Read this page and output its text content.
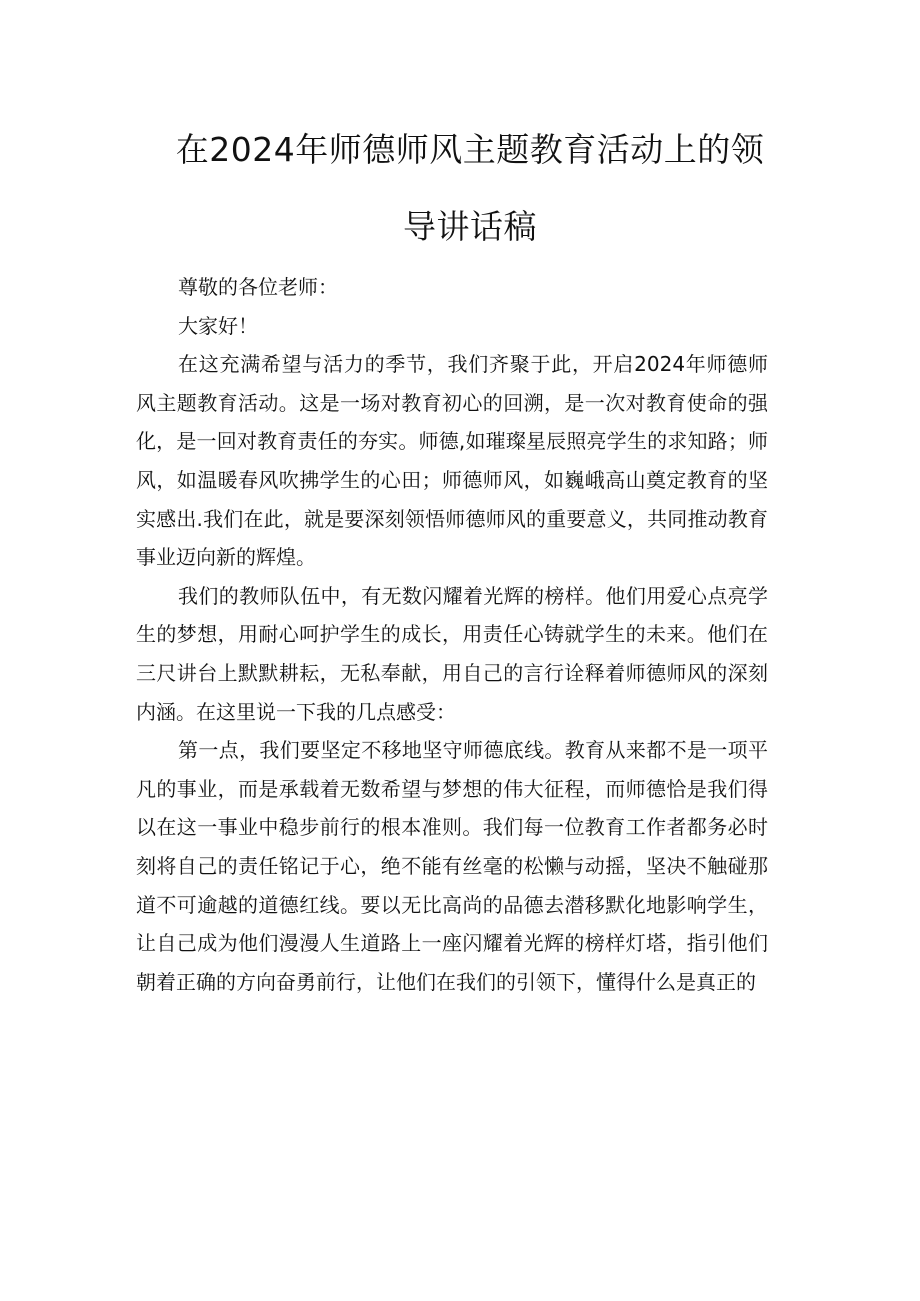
在2024年师德师风主题教育活动上的领
导讲话稿

尊敬的各位老师：

大家好！

在这充满希望与活力的季节，我们齐聚于此，开启2024年师德师风主题教育活动。这是一场对教育初心的回溯，是一次对教育使命的强化，是一回对教育责任的夯实。师德,如璀璨星辰照亮学生的求知路；师风，如温暖春风吹拂学生的心田；师德师风，如巍峨高山奠定教育的坚实感出.我们在此，就是要深刻领悟师德师风的重要意义，共同推动教育事业迈向新的辉煌。

我们的教师队伍中，有无数闪耀着光辉的榜样。他们用爱心点亮学生的梦想，用耐心呵护学生的成长，用责任心铸就学生的未来。他们在三尺讲台上默默耕耘，无私奉献，用自己的言行诠释着师德师风的深刻内涵。在这里说一下我的几点感受：

第一点，我们要坚定不移地坚守师德底线。教育从来都不是一项平凡的事业，而是承载着无数希望与梦想的伟大征程，而师德恰是我们得以在这一事业中稳步前行的根本准则。我们每一位教育工作者都务必时刻将自己的责任铭记于心，绝不能有丝毫的松懒与动摇，坚决不触碰那道不可逾越的道德红线。要以无比高尚的品德去潜移默化地影响学生，让自己成为他们漫漫人生道路上一座闪耀着光辉的榜样灯塔，指引他们朝着正确的方向奋勇前行，让他们在我们的引领下，懂得什么是真正的
